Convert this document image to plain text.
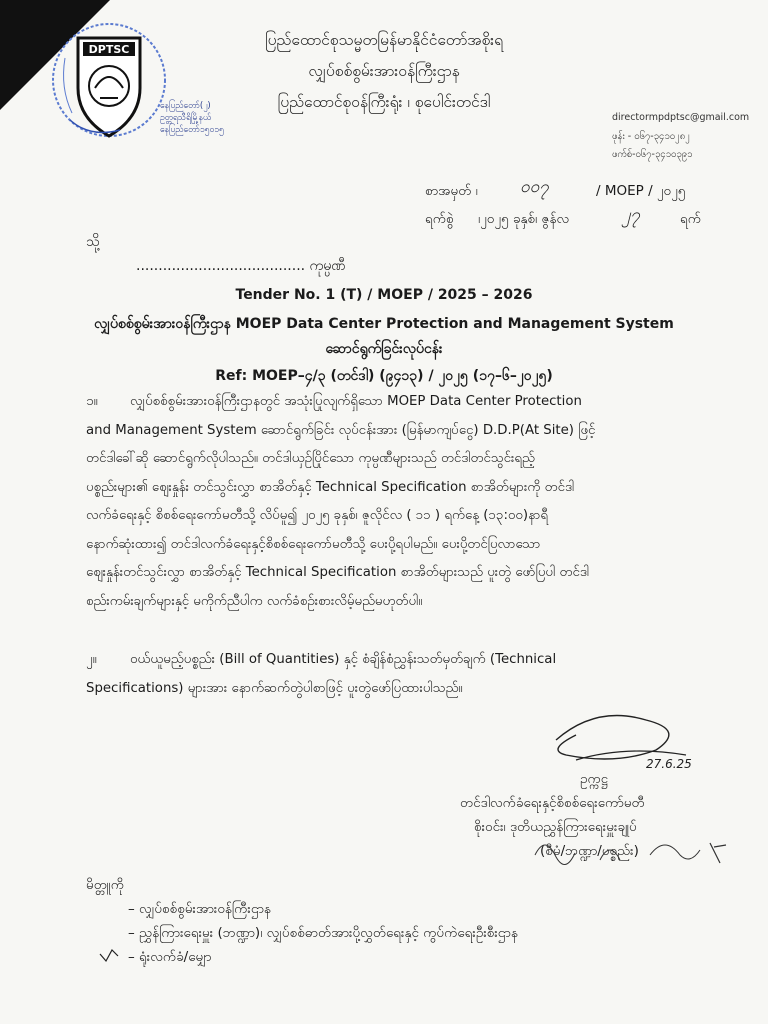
DPTSC
နေပြည်တော်(၂)
ဥတ္တရသီရိမြို့နယ်
နေပြည်တော်၁၅၀၁၅
ပြည်ထောင်စုသမ္မတမြန်မာနိုင်ငံတော်အစိုးရ
လျှပ်စစ်စွမ်းအားဝန်ကြီးဌာန
ပြည်ထောင်စုဝန်ကြီးရုံး ၊ စုပေါင်းတင်ဒါ
directormpdptsc@gmail.com
ဖုန်း - ၀၆၇-၃၄၁၀၂၈၂
ဖက်စ်-၀၆၇-၃၄၁၀၃၉၁
စာအမှတ် ၊ ၀၀၇	/ MOEP / ၂၀၂၅
ရက်စွဲ ၊၂၀၂၅ ခုနှစ်၊ ဇွန်လ	၂၇	ရက်
သို့
...................................... ကုမ္ပဏီ
Tender No. 1 (T) / MOEP / 2025 – 2026
လျှပ်စစ်စွမ်းအားဝန်ကြီးဌာန MOEP Data Center Protection and Management System
ဆောင်ရွက်ခြင်းလုပ်ငန်း
Ref: MOEP–၄/၃ (တင်ဒါ) (၉၄၁၃) / ၂၀၂၅ (၁၇–၆–၂၀၂၅)
၁။	လျှပ်စစ်စွမ်းအားဝန်ကြီးဌာနတွင် အသုံးပြုလျက်ရှိသော MOEP Data Center Protection
and Management System ဆောင်ရွက်ခြင်း လုပ်ငန်းအား (မြန်မာကျပ်ငွေ) D.D.P(At Site) ဖြင့်
တင်ဒါခေါ်ဆို ဆောင်ရွက်လိုပါသည်။ တင်ဒါယှဉ်ပြိုင်သော ကုမ္ပဏီများသည် တင်ဒါတင်သွင်းရည့်
ပစ္စည်းများ၏ ဈေးနှုန်း တင်သွင်းလွှာ စာအိတ်နှင့် Technical Specification စာအိတ်များကို တင်ဒါ
လက်ခံရေးနှင့် စိစစ်ရေးကော်မတီသို့ လိပ်မူ၍ ၂၀၂၅ ခုနှစ်၊ ဇူလိုင်လ ( ၁၁ ) ရက်နေ့ (၁၃:၀၀)နာရီ
နောက်ဆုံးထား၍ တင်ဒါလက်ခံရေးနှင့်စိစစ်ရေးကော်မတီသို့ ပေးပို့ရပါမည်။ ပေးပို့တင်ပြလာသော
ဈေးနှုန်းတင်သွင်းလွှာ စာအိတ်နှင့် Technical Specification စာအိတ်များသည် ပူးတွဲ ဖော်ပြပါ တင်ဒါ
စည်းကမ်းချက်များနှင့် မကိုက်ညီပါက လက်ခံစဉ်းစားလိမ့်မည်မဟုတ်ပါ။
၂။	ဝယ်ယူမည့်ပစ္စည်း (Bill of Quantities) နှင့် စံချိန်စံညွှန်းသတ်မှတ်ချက် (Technical
Specifications) များအား နောက်ဆက်တွဲပါစာဖြင့် ပူးတွဲဖော်ပြထားပါသည်။
27.6.25
ဥက္ကဋ္ဌ
တင်ဒါလက်ခံရေးနှင့်စိစစ်ရေးကော်မတီ
စိုးဝင်း၊ ဒုတိယညွှန်ကြားရေးမှူးချုပ်
(စီမံ/ဘဏ္ဍာ/ပစ္စည်း)
မိတ္တူကို
– လျှပ်စစ်စွမ်းအားဝန်ကြီးဌာန
– ညွှန်ကြားရေးမှူး (ဘဏ္ဍာ)၊ လျှပ်စစ်ဓာတ်အားပို့လွှတ်ရေးနှင့် ကွပ်ကဲရေးဦးစီးဌာန
– ရုံးလက်ခံ/မျှော
